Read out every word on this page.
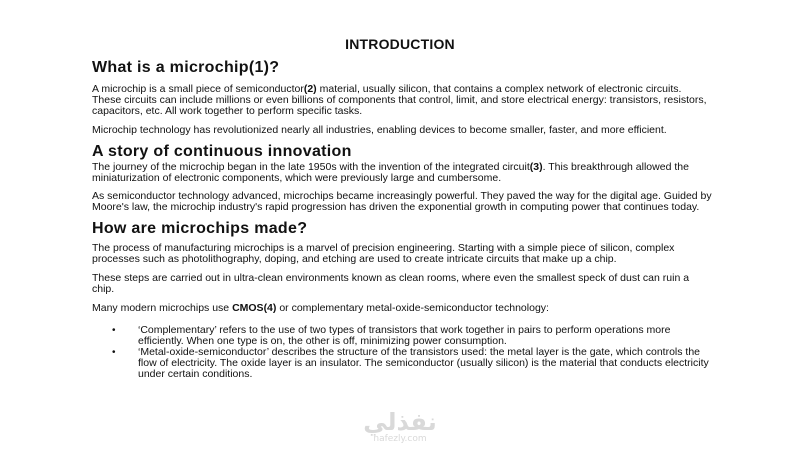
INTRODUCTION
What is a microchip(1)?

A microchip is a small piece of semiconductor(2) material, usually silicon, that contains a complex network of electronic circuits. These circuits can include millions or even billions of components that control, limit, and store electrical energy: transistors, resistors, capacitors, etc. All work together to perform specific tasks.

Microchip technology has revolutionized nearly all industries, enabling devices to become smaller, faster, and more efficient.

A story of continuous innovation

The journey of the microchip began in the late 1950s with the invention of the integrated circuit(3). This breakthrough allowed the miniaturization of electronic components, which were previously large and cumbersome.

As semiconductor technology advanced, microchips became increasingly powerful. They paved the way for the digital age. Guided by Moore's law, the microchip industry's rapid progression has driven the exponential growth in computing power that continues today.

How are microchips made?

The process of manufacturing microchips is a marvel of precision engineering. Starting with a simple piece of silicon, complex processes such as photolithography, doping, and etching are used to create intricate circuits that make up a chip.

These steps are carried out in ultra-clean environments known as clean rooms, where even the smallest speck of dust can ruin a chip.

Many modern microchips use CMOS(4) or complementary metal-oxide-semiconductor technology:

• ‘Complementary’ refers to the use of two types of transistors that work together in pairs to perform operations more efficiently. When one type is on, the other is off, minimizing power consumption.
• ‘Metal-oxide-semiconductor’ describes the structure of the transistors used: the metal layer is the gate, which controls the flow of electricity. The oxide layer is an insulator. The semiconductor (usually silicon) is the material that conducts electricity under certain conditions.
نفذلي
nafezly.com
